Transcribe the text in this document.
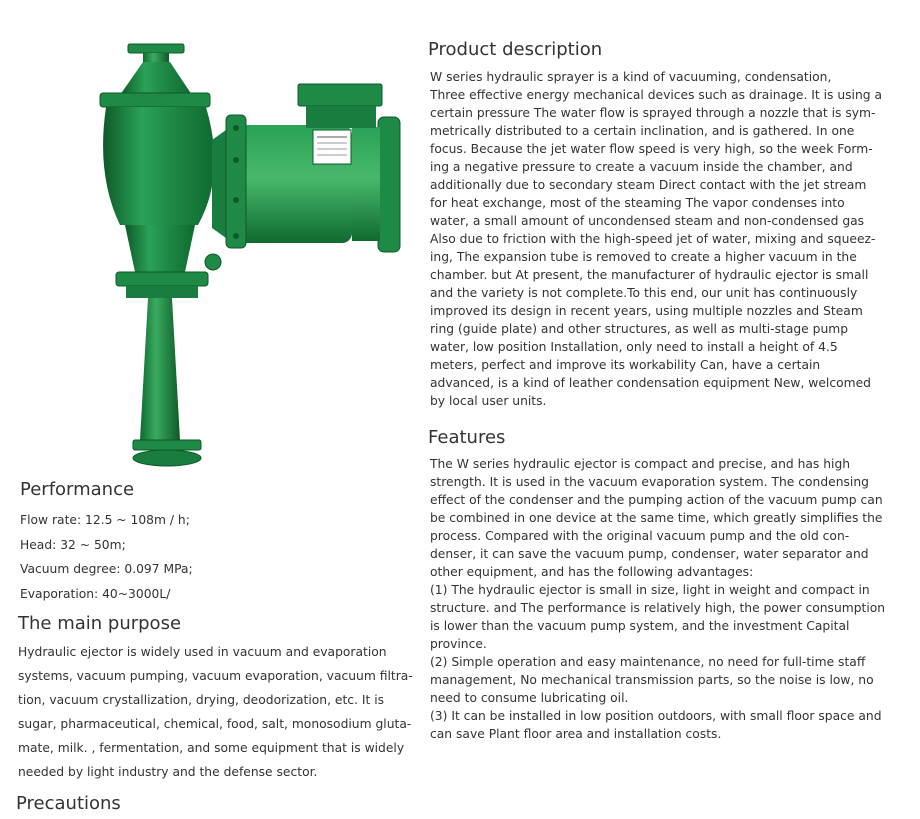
Product description
W series hydraulic sprayer is a kind of vacuuming, condensation,
Three effective energy mechanical devices such as drainage. It is using a
certain pressure The water flow is sprayed through a nozzle that is sym-
metrically distributed to a certain inclination, and is gathered. In one
focus. Because the jet water flow speed is very high, so the week Form-
ing a negative pressure to create a vacuum inside the chamber, and
additionally due to secondary steam Direct contact with the jet stream
for heat exchange, most of the steaming The vapor condenses into
water, a small amount of uncondensed steam and non-condensed gas
Also due to friction with the high-speed jet of water, mixing and squeez-
ing, The expansion tube is removed to create a higher vacuum in the
chamber. but At present, the manufacturer of hydraulic ejector is small
and the variety is not complete.To this end, our unit has continuously
improved its design in recent years, using multiple nozzles and Steam
ring (guide plate) and other structures, as well as multi-stage pump
water, low position Installation, only need to install a height of 4.5
meters, perfect and improve its workability Can, have a certain
advanced, is a kind of leather condensation equipment New, welcomed
by local user units.
Features
The W series hydraulic ejector is compact and precise, and has high
strength. It is used in the vacuum evaporation system. The condensing
effect of the condenser and the pumping action of the vacuum pump can
be combined in one device at the same time, which greatly simplifies the
process. Compared with the original vacuum pump and the old con-
denser, it can save the vacuum pump, condenser, water separator and
other equipment, and has the following advantages:
(1) The hydraulic ejector is small in size, light in weight and compact in
structure. and The performance is relatively high, the power consumption
is lower than the vacuum pump system, and the investment Capital
province.
(2) Simple operation and easy maintenance, no need for full-time staff
management, No mechanical transmission parts, so the noise is low, no
need to consume lubricating oil.
(3) It can be installed in low position outdoors, with small floor space and
can save Plant floor area and installation costs.
Performance
Flow rate: 12.5 ~ 108m / h;
Head: 32 ~ 50m;
Vacuum degree: 0.097 MPa;
Evaporation: 40~3000L/
The main purpose
Hydraulic ejector is widely used in vacuum and evaporation
systems, vacuum pumping, vacuum evaporation, vacuum filtra-
tion, vacuum crystallization, drying, deodorization, etc. It is
sugar, pharmaceutical, chemical, food, salt, monosodium gluta-
mate, milk. , fermentation, and some equipment that is widely
needed by light industry and the defense sector.
Precautions
